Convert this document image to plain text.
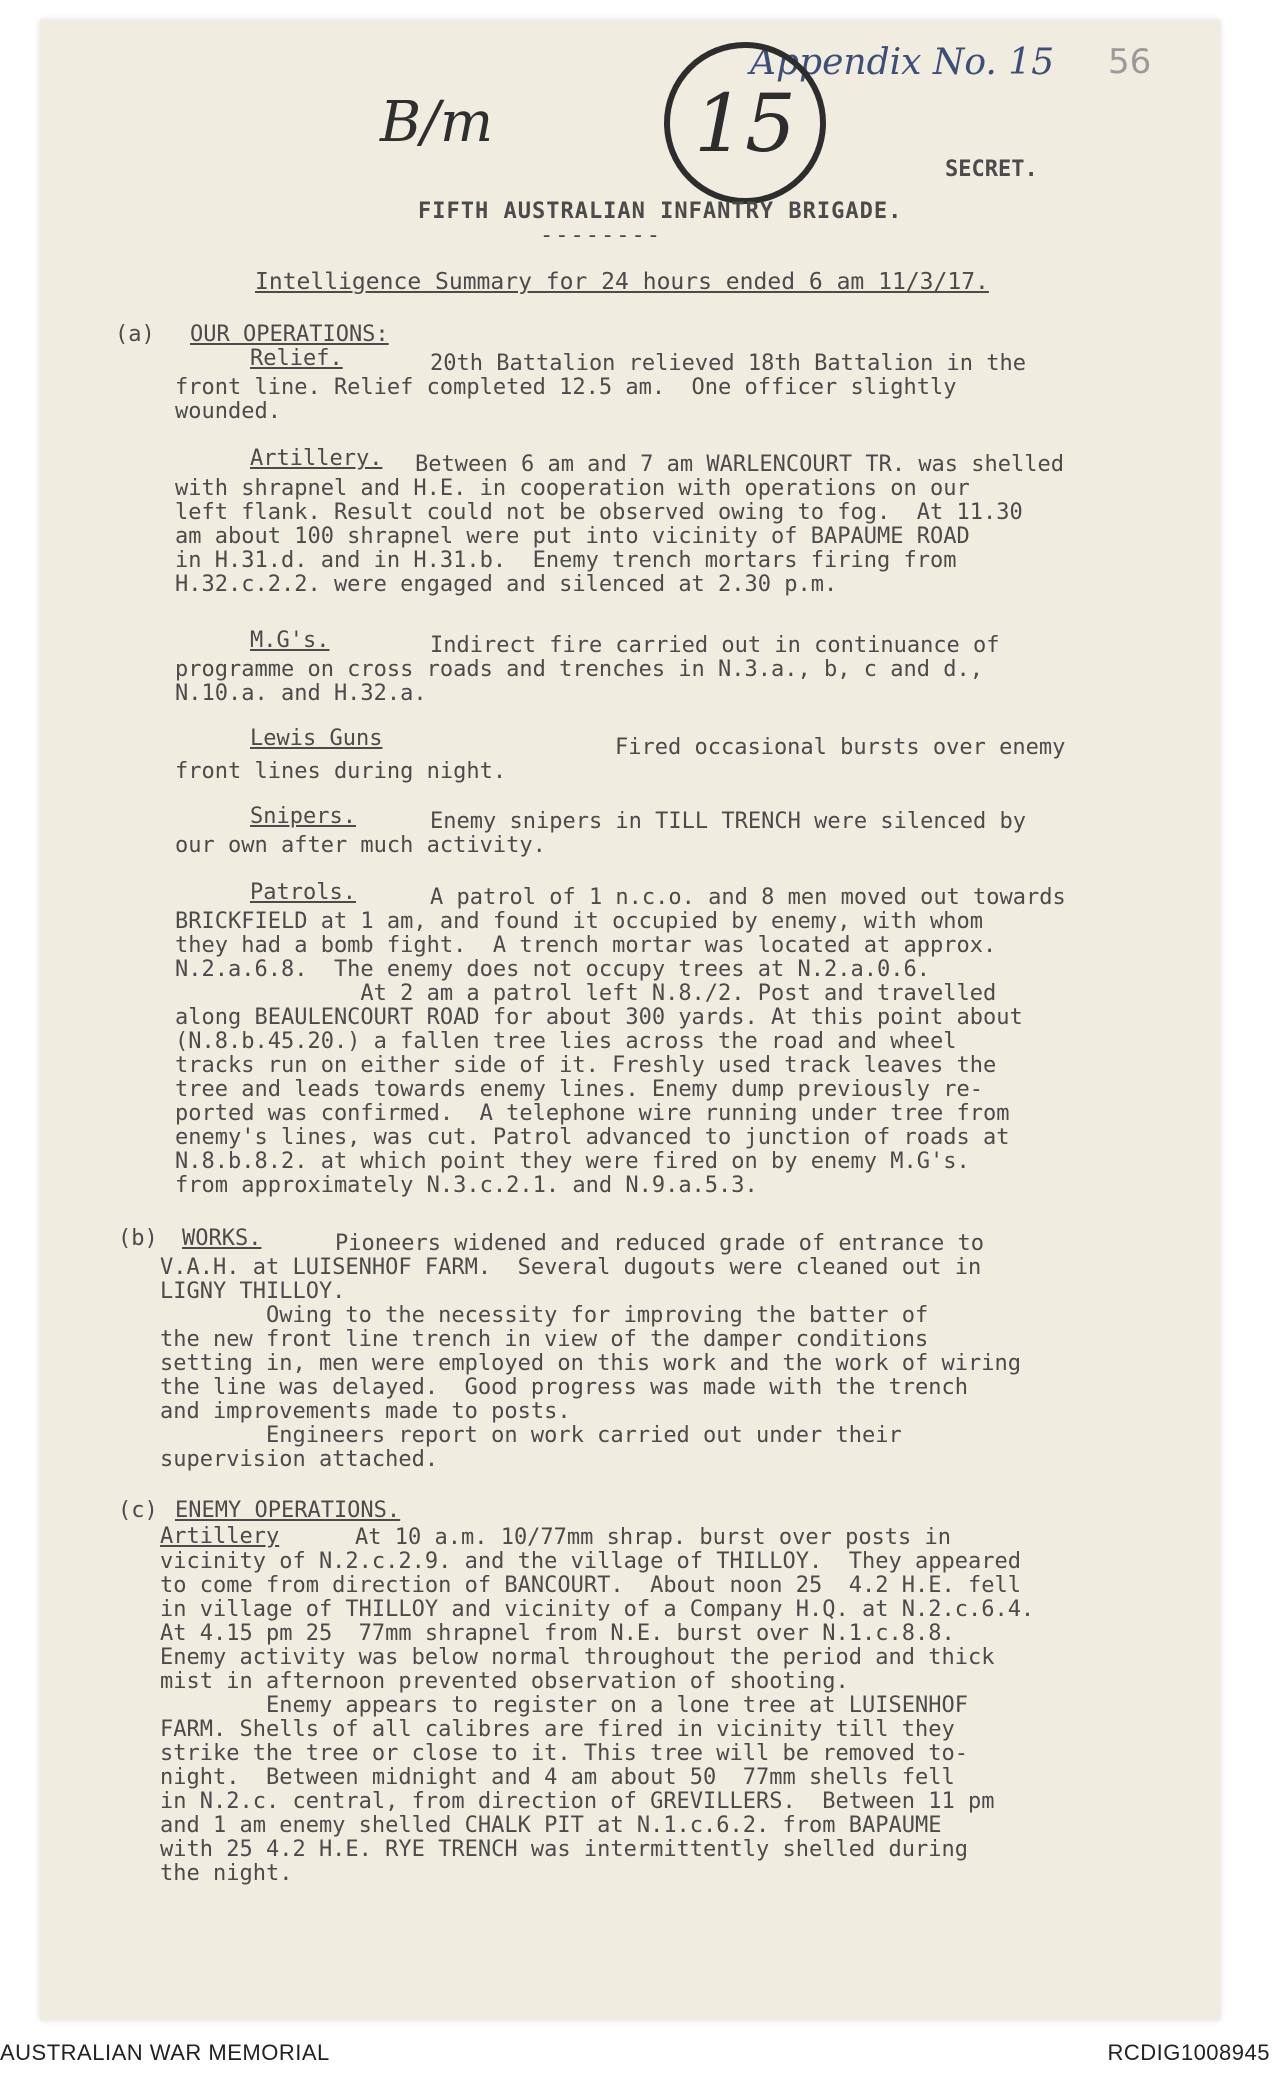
Appendix No. 15 56
B/m	15	SECRET.
FIFTH AUSTRALIAN INFANTRY BRIGADE.
--------
Intelligence Summary for 24 hours ended 6 am 11/3/17.
(a) OUR OPERATIONS:
Relief.	20th Battalion relieved 18th Battalion in the

front line. Relief completed 12.5 am.  One officer slightly

wounded.

Artillery.	Between 6 am and 7 am WARLENCOURT TR. was shelled

with shrapnel and H.E. in cooperation with operations on our

left flank. Result could not be observed owing to fog.  At 11.30

am about 100 shrapnel were put into vicinity of BAPAUME ROAD

in H.31.d. and in H.31.b.  Enemy trench mortars firing from

H.32.c.2.2. were engaged and silenced at 2.30 p.m.

M.G's.	Indirect fire carried out in continuance of

programme on cross roads and trenches in N.3.a., b, c and d.,

N.10.a. and H.32.a.

Lewis Guns	Fired occasional bursts over enemy

front lines during night.

Snipers.	Enemy snipers in TILL TRENCH were silenced by

our own after much activity.

Patrols.	A patrol of 1 n.c.o. and 8 men moved out towards

BRICKFIELD at 1 am, and found it occupied by enemy, with whom

they had a bomb fight.  A trench mortar was located at approx.

N.2.a.6.8.  The enemy does not occupy trees at N.2.a.0.6.

At 2 am a patrol left N.8./2. Post and travelled

along BEAULENCOURT ROAD for about 300 yards. At this point about

(N.8.b.45.20.) a fallen tree lies across the road and wheel

tracks run on either side of it. Freshly used track leaves the

tree and leads towards enemy lines. Enemy dump previously re-

ported was confirmed.  A telephone wire running under tree from

enemy's lines, was cut. Patrol advanced to junction of roads at

N.8.b.8.2. at which point they were fired on by enemy M.G's.

from approximately N.3.c.2.1. and N.9.a.5.3.

(b) WORKS.	Pioneers widened and reduced grade of entrance to

V.A.H. at LUISENHOF FARM.  Several dugouts were cleaned out in

LIGNY THILLOY.

Owing to the necessity for improving the batter of

the new front line trench in view of the damper conditions

setting in, men were employed on this work and the work of wiring

the line was delayed.  Good progress was made with the trench

and improvements made to posts.

Engineers report on work carried out under their

supervision attached.

(c) ENEMY OPERATIONS.
Artillery	At 10 a.m. 10/77mm shrap. burst over posts in

vicinity of N.2.c.2.9. and the village of THILLOY.  They appeared

to come from direction of BANCOURT.  About noon 25  4.2 H.E. fell

in village of THILLOY and vicinity of a Company H.Q. at N.2.c.6.4.

At 4.15 pm 25  77mm shrapnel from N.E. burst over N.1.c.8.8.

Enemy activity was below normal throughout the period and thick

mist in afternoon prevented observation of shooting.

Enemy appears to register on a lone tree at LUISENHOF

FARM. Shells of all calibres are fired in vicinity till they

strike the tree or close to it. This tree will be removed to-

night.  Between midnight and 4 am about 50  77mm shells fell

in N.2.c. central, from direction of GREVILLERS.  Between 11 pm

and 1 am enemy shelled CHALK PIT at N.1.c.6.2. from BAPAUME

with 25 4.2 H.E. RYE TRENCH was intermittently shelled during

the night.

AUSTRALIAN WAR MEMORIAL	RCDIG1008945
